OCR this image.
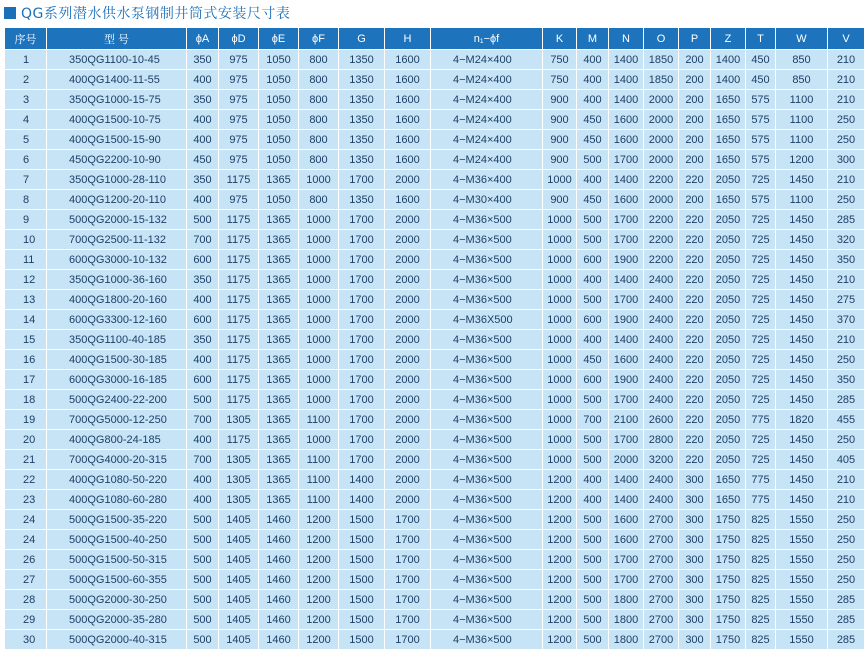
QG系列潜水供水泵钢制井筒式安装尺寸表
序号	型 号	ϕA	ϕD	ϕE	ϕF	G	H	n₁−ϕf	K	M	N	O	P	Z	T	W	V
1	350QG1100-10-45	350	975	1050	800	1350	1600	4−M24×400	750	400	1400	1850	200	1400	450	850	210
2	400QG1400-11-55	400	975	1050	800	1350	1600	4−M24×400	750	400	1400	1850	200	1400	450	850	210
3	350QG1000-15-75	350	975	1050	800	1350	1600	4−M24×400	900	400	1400	2000	200	1650	575	1100	210
4	400QG1500-10-75	400	975	1050	800	1350	1600	4−M24×400	900	450	1600	2000	200	1650	575	1100	250
5	400QG1500-15-90	400	975	1050	800	1350	1600	4−M24×400	900	450	1600	2000	200	1650	575	1100	250
6	450QG2200-10-90	450	975	1050	800	1350	1600	4−M24×400	900	500	1700	2000	200	1650	575	1200	300
7	350QG1000-28-110	350	1175	1365	1000	1700	2000	4−M36×400	1000	400	1400	2200	220	2050	725	1450	210
8	400QG1200-20-110	400	975	1050	800	1350	1600	4−M30×400	900	450	1600	2000	200	1650	575	1100	250
9	500QG2000-15-132	500	1175	1365	1000	1700	2000	4−M36×500	1000	500	1700	2200	220	2050	725	1450	285
10	700QG2500-11-132	700	1175	1365	1000	1700	2000	4−M36×500	1000	500	1700	2200	220	2050	725	1450	320
11	600QG3000-10-132	600	1175	1365	1000	1700	2000	4−M36×500	1000	600	1900	2200	220	2050	725	1450	350
12	350QG1000-36-160	350	1175	1365	1000	1700	2000	4−M36×500	1000	400	1400	2400	220	2050	725	1450	210
13	400QG1800-20-160	400	1175	1365	1000	1700	2000	4−M36×500	1000	500	1700	2400	220	2050	725	1450	275
14	600QG3300-12-160	600	1175	1365	1000	1700	2000	4−M36X500	1000	600	1900	2400	220	2050	725	1450	370
15	350QG1100-40-185	350	1175	1365	1000	1700	2000	4−M36×500	1000	400	1400	2400	220	2050	725	1450	210
16	400QG1500-30-185	400	1175	1365	1000	1700	2000	4−M36×500	1000	450	1600	2400	220	2050	725	1450	250
17	600QG3000-16-185	600	1175	1365	1000	1700	2000	4−M36×500	1000	600	1900	2400	220	2050	725	1450	350
18	500QG2400-22-200	500	1175	1365	1000	1700	2000	4−M36×500	1000	500	1700	2400	220	2050	725	1450	285
19	700QG5000-12-250	700	1305	1365	1100	1700	2000	4−M36×500	1000	700	2100	2600	220	2050	775	1820	455
20	400QG800-24-185	400	1175	1365	1000	1700	2000	4−M36×500	1000	500	1700	2800	220	2050	725	1450	250
21	700QG4000-20-315	700	1305	1365	1100	1700	2000	4−M36×500	1000	500	2000	3200	220	2050	725	1450	405
22	400QG1080-50-220	400	1305	1365	1100	1400	2000	4−M36×500	1200	400	1400	2400	300	1650	775	1450	210
23	400QG1080-60-280	400	1305	1365	1100	1400	2000	4−M36×500	1200	400	1400	2400	300	1650	775	1450	210
24	500QG1500-35-220	500	1405	1460	1200	1500	1700	4−M36×500	1200	500	1600	2700	300	1750	825	1550	250
24	500QG1500-40-250	500	1405	1460	1200	1500	1700	4−M36×500	1200	500	1600	2700	300	1750	825	1550	250
26	500QG1500-50-315	500	1405	1460	1200	1500	1700	4−M36×500	1200	500	1700	2700	300	1750	825	1550	250
27	500QG1500-60-355	500	1405	1460	1200	1500	1700	4−M36×500	1200	500	1700	2700	300	1750	825	1550	250
28	500QG2000-30-250	500	1405	1460	1200	1500	1700	4−M36×500	1200	500	1800	2700	300	1750	825	1550	285
29	500QG2000-35-280	500	1405	1460	1200	1500	1700	4−M36×500	1200	500	1800	2700	300	1750	825	1550	285
30	500QG2000-40-315	500	1405	1460	1200	1500	1700	4−M36×500	1200	500	1800	2700	300	1750	825	1550	285
